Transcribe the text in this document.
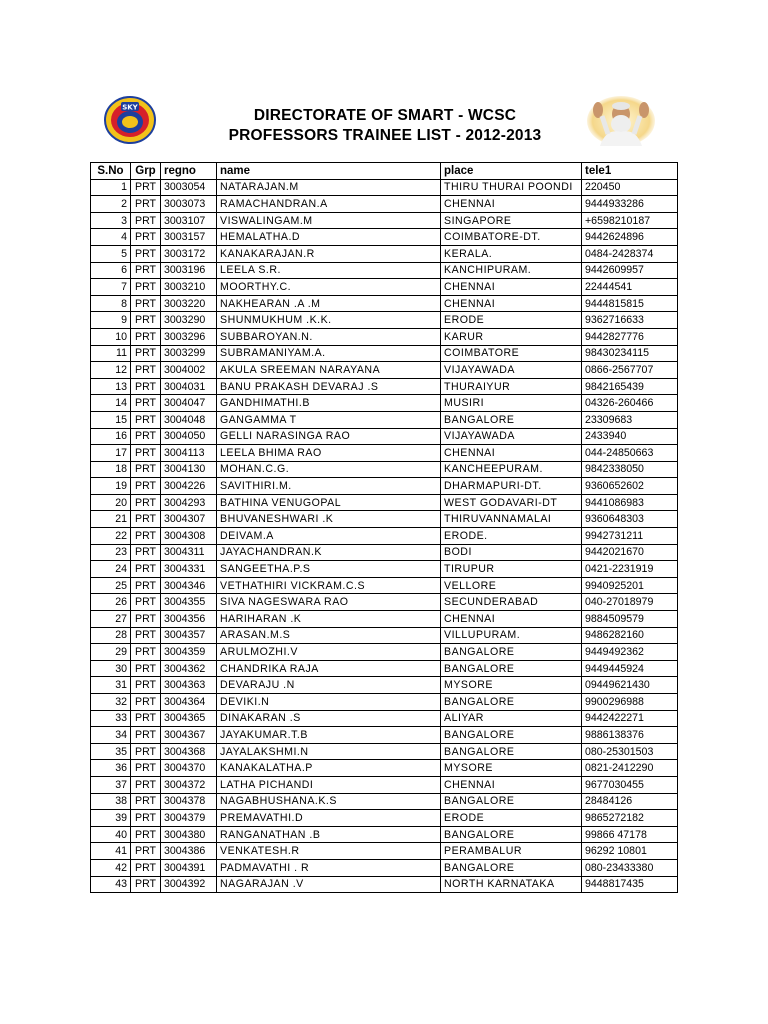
SKY	DIRECTORATE OF SMART - WCSC
PROFESSORS TRAINEE LIST - 2012-2013
S.No	Grp	regno	name	place	tele1
1	PRT	3003054	NATARAJAN.M	THIRU THURAI POONDI	220450
2	PRT	3003073	RAMACHANDRAN.A	CHENNAI	9444933286
3	PRT	3003107	VISWALINGAM.M	SINGAPORE	+6598210187
4	PRT	3003157	HEMALATHA.D	COIMBATORE-DT.	9442624896
5	PRT	3003172	KANAKARAJAN.R	KERALA.	0484-2428374
6	PRT	3003196	LEELA S.R.	KANCHIPURAM.	9442609957
7	PRT	3003210	MOORTHY.C.	CHENNAI	22444541
8	PRT	3003220	NAKHEARAN .A .M	CHENNAI	9444815815
9	PRT	3003290	SHUNMUKHUM .K.K.	ERODE	9362716633
10	PRT	3003296	SUBBAROYAN.N.	KARUR	9442827776
11	PRT	3003299	SUBRAMANIYAM.A.	COIMBATORE	98430234115
12	PRT	3004002	AKULA SREEMAN NARAYANA	VIJAYAWADA	0866-2567707
13	PRT	3004031	BANU PRAKASH DEVARAJ .S	THURAIYUR	9842165439
14	PRT	3004047	GANDHIMATHI.B	MUSIRI	04326-260466
15	PRT	3004048	GANGAMMA T	BANGALORE	23309683
16	PRT	3004050	GELLI NARASINGA RAO	VIJAYAWADA	2433940
17	PRT	3004113	LEELA BHIMA RAO	CHENNAI	044-24850663
18	PRT	3004130	MOHAN.C.G.	KANCHEEPURAM.	9842338050
19	PRT	3004226	SAVITHIRI.M.	DHARMAPURI-DT.	9360652602
20	PRT	3004293	BATHINA VENUGOPAL	WEST GODAVARI-DT	9441086983
21	PRT	3004307	BHUVANESHWARI .K	THIRUVANNAMALAI	9360648303
22	PRT	3004308	DEIVAM.A	ERODE.	9942731211
23	PRT	3004311	JAYACHANDRAN.K	BODI	9442021670
24	PRT	3004331	SANGEETHA.P.S	TIRUPUR	0421-2231919
25	PRT	3004346	VETHATHIRI VICKRAM.C.S	VELLORE	9940925201
26	PRT	3004355	SIVA NAGESWARA RAO	SECUNDERABAD	040-27018979
27	PRT	3004356	HARIHARAN .K	CHENNAI	9884509579
28	PRT	3004357	ARASAN.M.S	VILLUPURAM.	9486282160
29	PRT	3004359	ARULMOZHI.V	BANGALORE	9449492362
30	PRT	3004362	CHANDRIKA RAJA	BANGALORE	9449445924
31	PRT	3004363	DEVARAJU .N	MYSORE	09449621430
32	PRT	3004364	DEVIKI.N	BANGALORE	9900296988
33	PRT	3004365	DINAKARAN .S	ALIYAR	9442422271
34	PRT	3004367	JAYAKUMAR.T.B	BANGALORE	9886138376
35	PRT	3004368	JAYALAKSHMI.N	BANGALORE	080-25301503
36	PRT	3004370	KANAKALATHA.P	MYSORE	0821-2412290
37	PRT	3004372	LATHA PICHANDI	CHENNAI	9677030455
38	PRT	3004378	NAGABHUSHANA.K.S	BANGALORE	28484126
39	PRT	3004379	PREMAVATHI.D	ERODE	9865272182
40	PRT	3004380	RANGANATHAN .B	BANGALORE	99866 47178
41	PRT	3004386	VENKATESH.R	PERAMBALUR	96292 10801
42	PRT	3004391	PADMAVATHI . R	BANGALORE	080-23433380
43	PRT	3004392	NAGARAJAN .V	NORTH KARNATAKA	9448817435
